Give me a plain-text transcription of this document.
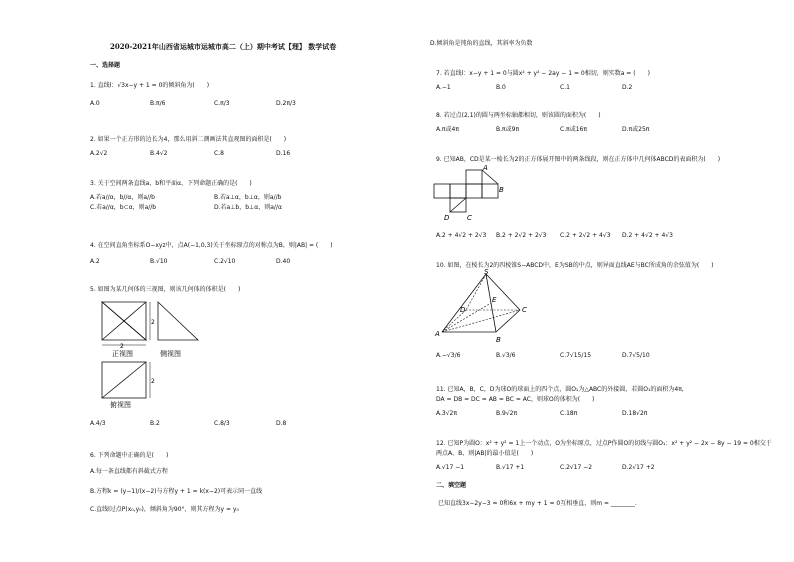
2020-2021年山西省运城市运城市高二（上）期中考试【理】 数学试卷
一、选择题
1. 直线l：√3x−y + 1 = 0的倾斜角为(　　)
A.0	B.π/6	C.π/3	D.2π/3
2. 如果一个正方形的边长为4，那么用斜二测画法其直观图的面积是(　　)
A.2√2	B.4√2	C.8	D.16
3. 关于空间两条直线a，b和平面α，下列命题正确的是(　　)
A.若a//α，b//α，则a//b	B.若a⊥α，b⊥α，则a//b
C.若a//α，b⊂α，则a//b	D.若a⊥b，b⊥α，则a//α
4. 在空间直角坐标系O−xyz中，点A(−1,0,3)关于坐标原点的对称点为B，则|AB| = (　　)
A.2	B.√10	C.2√10	D.40
5. 如图为某几何体的三视图，则该几何体的体积是(　　)
2
正视图
2
侧视图
2
俯视图
A.4/3	B.2	C.8/3	D.8
6. 下列命题中正确的是(　　)
A.每一条直线都有斜截式方程
B.方程k = (y−1)/(x−2)与方程y + 1 = k(x−2)可表示同一直线
C.直线l过点P(x₀,y₀)，倾斜角为90°，则其方程为y = y₀
D.倾斜角是钝角的直线，其斜率为负数
7. 若直线l：x−y + 1 = 0与圆x² + y² − 2ay − 1 = 0相切，则实数a = (　　)
A.−1	B.0	C.1	D.2
8. 若过点(2,1)的圆与两坐标轴都相切，则该圆的面积为(　　)
A.π或4π	B.π或9π	C.π或16π	D.π或25π
9. 已知AB，CD是某一棱长为2的正方体展开图中的两条线段，则在正方体中几何体ABCD的表面积为(　　)
A
B
C
D
A.2 + 4√2 + 2√3 B.2 + 2√2 + 2√3 C.2 + 2√2 + 4√3 D.2 + 4√2 + 4√3
10. 如图，在棱长为2的四棱锥S−ABCD中，E为SB的中点，则异面直线AE与BC所成角的余弦值为(　　)
S
E
D	C
A
B
A.−√3/6	B.√3/6	C.7√15/15	D.7√5/10
11. 已知A，B，C，D为球O的球面上的四个点，圆O₁为△ABC的外接圆，若圆O₁的面积为4π，
DA = DB = DC = AB = BC = AC，则球O的体积为(　　)
A.3√2π	B.9√2π	C.18π	D.18√2π
12. 已知P为圆O：x² + y² = 1上一个动点，O为坐标原点，过点P作圆O的切线与圆O₁：x² + y² − 2x − 8y − 19 = 0相交于
两点A，B，则|AB|的最小值是(　　)
A.√17 −1	B.√17 +1	C.2√17 −2	D.2√17 +2
二、填空题
已知直线3x−2y−3 = 0和6x + my + 1 = 0互相垂直，则m = ________.
